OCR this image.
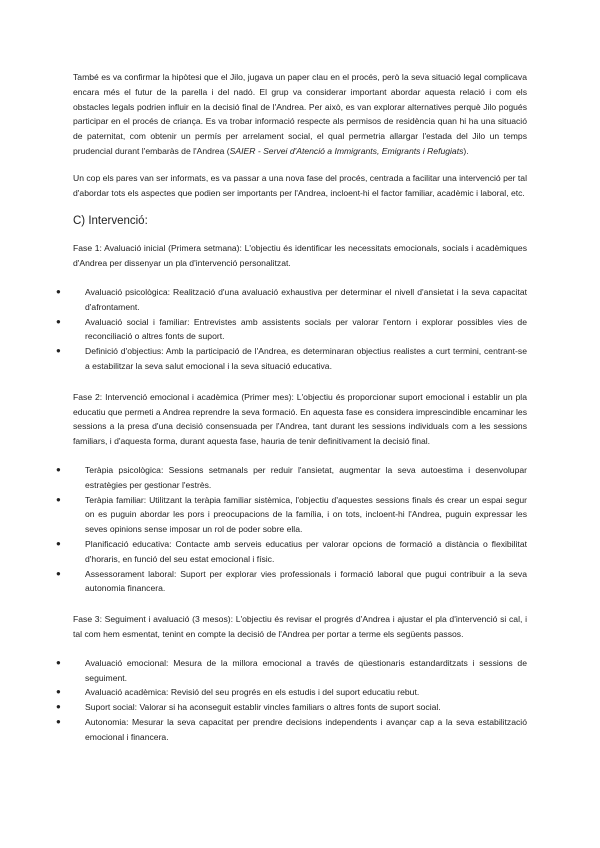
També es va confirmar la hipòtesi que el Jilo, jugava un paper clau en el procés, però la seva situació legal complicava encara més el futur de la parella i del nadó. El grup va considerar important abordar aquesta relació i com els obstacles legals podrien influir en la decisió final de l'Andrea. Per això, es van explorar alternatives perquè Jilo pogués participar en el procés de criança. Es va trobar informació respecte als permisos de residència quan hi ha una situació de paternitat, com obtenir un permís per arrelament social, el qual permetria allargar l'estada del Jilo un temps prudencial durant l'embaràs de l'Andrea (SAIER - Servei d'Atenció a Immigrants, Emigrants i Refugiats).

Un cop els pares van ser informats, es va passar a una nova fase del procés, centrada a facilitar una intervenció per tal d'abordar tots els aspectes que podien ser importants per l'Andrea, incloent-hi el factor familiar, acadèmic i laboral, etc.

C) Intervenció:

Fase 1: Avaluació inicial (Primera setmana): L'objectiu és identificar les necessitats emocionals, socials i acadèmiques d'Andrea per dissenyar un pla d'intervenció personalitzat.

●	Avaluació psicològica: Realització d'una avaluació exhaustiva per determinar el nivell d'ansietat i la seva capacitat d'afrontament.
●	Avaluació social i familiar: Entrevistes amb assistents socials per valorar l'entorn i explorar possibles vies de reconciliació o altres fonts de suport.
●	Definició d'objectius: Amb la participació de l'Andrea, es determinaran objectius realistes a curt termini, centrant-se a estabilitzar la seva salut emocional i la seva situació educativa.

Fase 2: Intervenció emocional i acadèmica (Primer mes): L'objectiu és proporcionar suport emocional i establir un pla educatiu que permeti a Andrea reprendre la seva formació. En aquesta fase es considera imprescindible encaminar les sessions a la presa d'una decisió consensuada per l'Andrea, tant durant les sessions individuals com a les sessions familiars, i d'aquesta forma, durant aquesta fase, hauria de tenir definitivament la decisió final.

●	Teràpia psicològica: Sessions setmanals per reduir l'ansietat, augmentar la seva autoestima i desenvolupar estratègies per gestionar l'estrès.
●	Teràpia familiar: Utilitzant la teràpia familiar sistèmica, l'objectiu d'aquestes sessions finals és crear un espai segur on es puguin abordar les pors i preocupacions de la família, i on tots, incloent-hi l'Andrea, puguin expressar les seves opinions sense imposar un rol de poder sobre ella.
●	Planificació educativa: Contacte amb serveis educatius per valorar opcions de formació a distància o flexibilitat d'horaris, en funció del seu estat emocional i físic.
●	Assessorament laboral: Suport per explorar vies professionals i formació laboral que pugui contribuir a la seva autonomia financera.

Fase 3: Seguiment i avaluació (3 mesos): L'objectiu és revisar el progrés d'Andrea i ajustar el pla d'intervenció si cal, i tal com hem esmentat, tenint en compte la decisió de l'Andrea per portar a terme els següents passos.

●	Avaluació emocional: Mesura de la millora emocional a través de qüestionaris estandarditzats i sessions de seguiment.
●	Avaluació acadèmica: Revisió del seu progrés en els estudis i del suport educatiu rebut.
●	Suport social: Valorar si ha aconseguit establir vincles familiars o altres fonts de suport social.
●	Autonomia: Mesurar la seva capacitat per prendre decisions independents i avançar cap a la seva estabilització emocional i financera.
